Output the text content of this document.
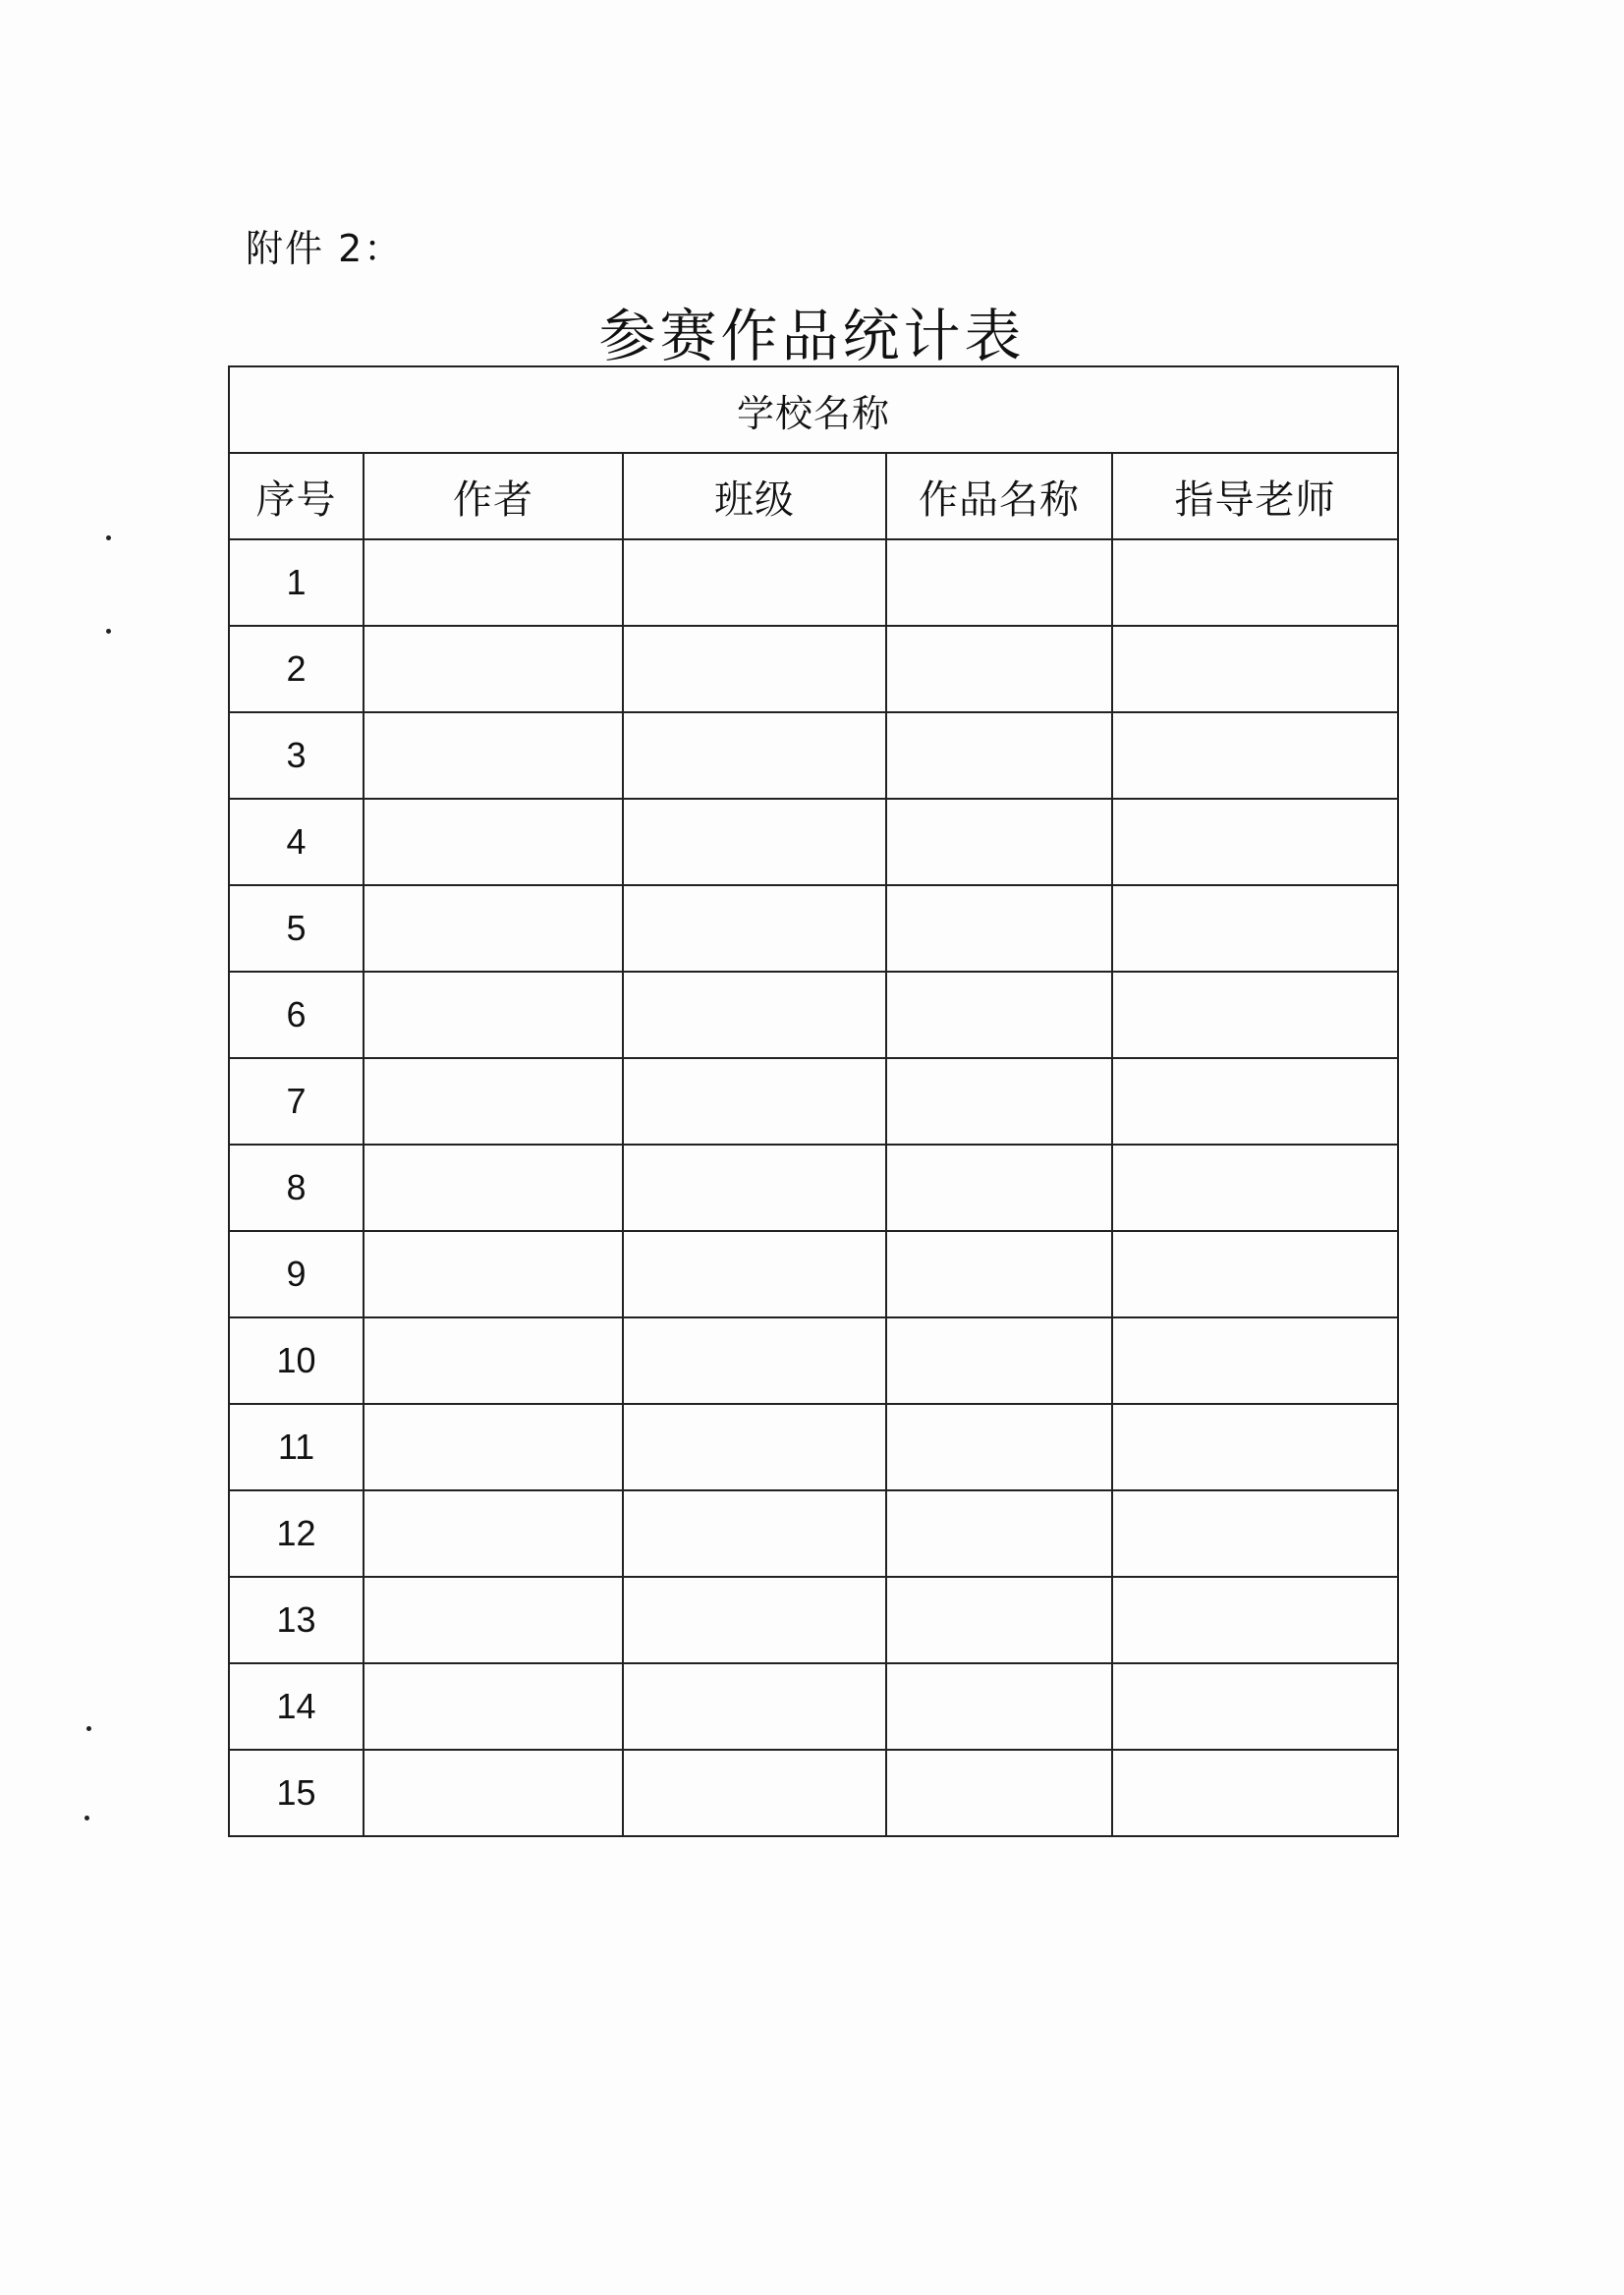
附件 2：
参赛作品统计表
学校名称				
序号	作者	班级	作品名称	指导老师
1				
2				
3				
4				
5				
6				
7				
8				
9				
10				
11				
12				
13				
14				
15				
